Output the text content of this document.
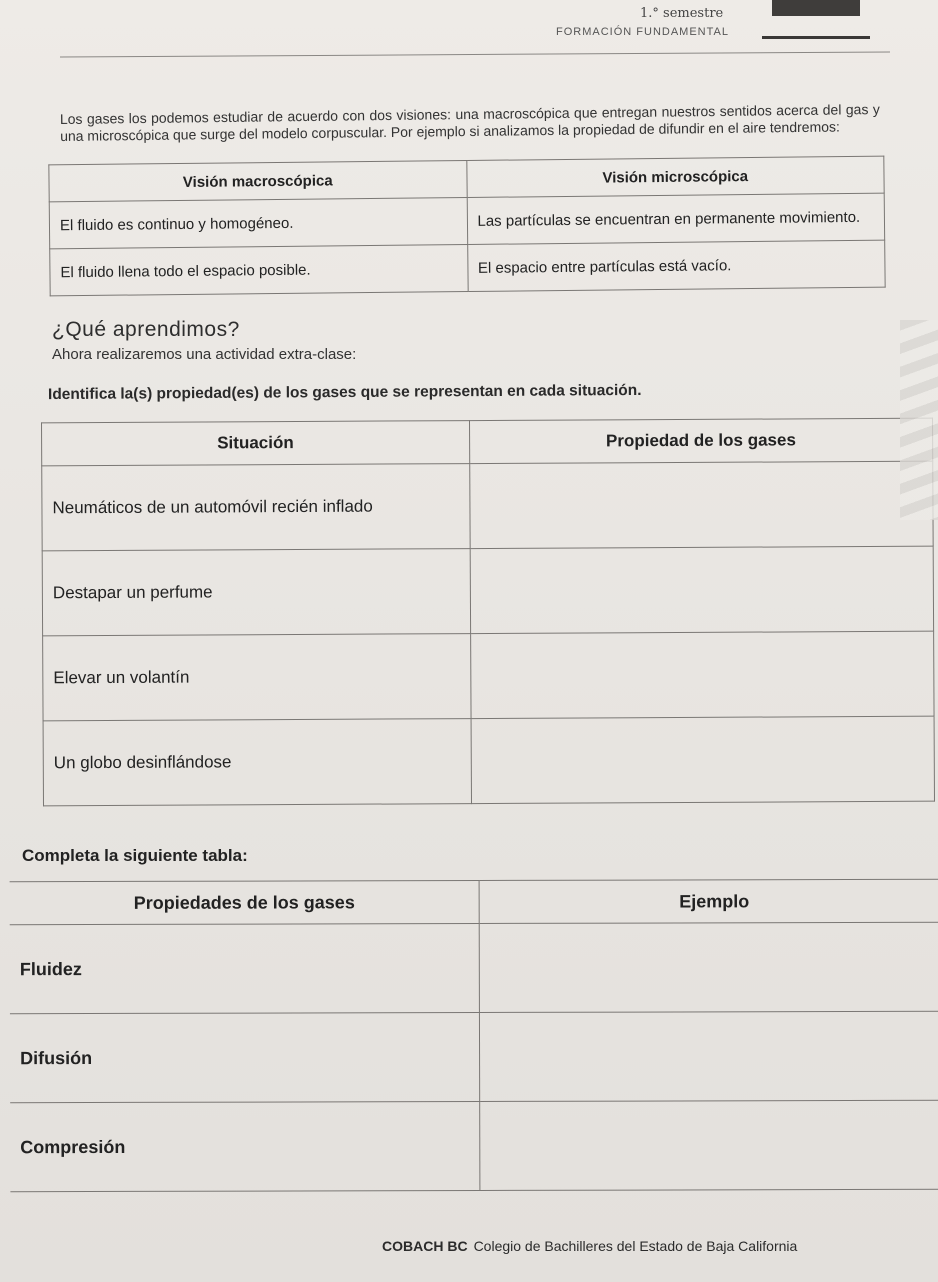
1.° semestre
FORMACIÓN FUNDAMENTAL

Los gases los podemos estudiar de acuerdo con dos visiones: una macroscópica que entregan nuestros sentidos acerca del gas y una microscópica que surge del modelo corpuscular. Por ejemplo si analizamos la propiedad de difundir en el aire tendremos:

Visión macroscópica	Visión microscópica
El fluido es continuo y homogéneo.	Las partículas se encuentran en permanente movimiento.
El fluido llena todo el espacio posible.	El espacio entre partículas está vacío.
¿Qué aprendimos?
Ahora realizaremos una actividad extra-clase:
Identifica la(s) propiedad(es) de los gases que se representan en cada situación.
Situación	Propiedad de los gases
Neumáticos de un automóvil recién inflado	
Destapar un perfume	
Elevar un volantín	
Un globo desinflándose	
Completa la siguiente tabla:
Propiedades de los gases	Ejemplo
Fluidez	
Difusión	
Compresión	
COBACH BC Colegio de Bachilleres del Estado de Baja California
